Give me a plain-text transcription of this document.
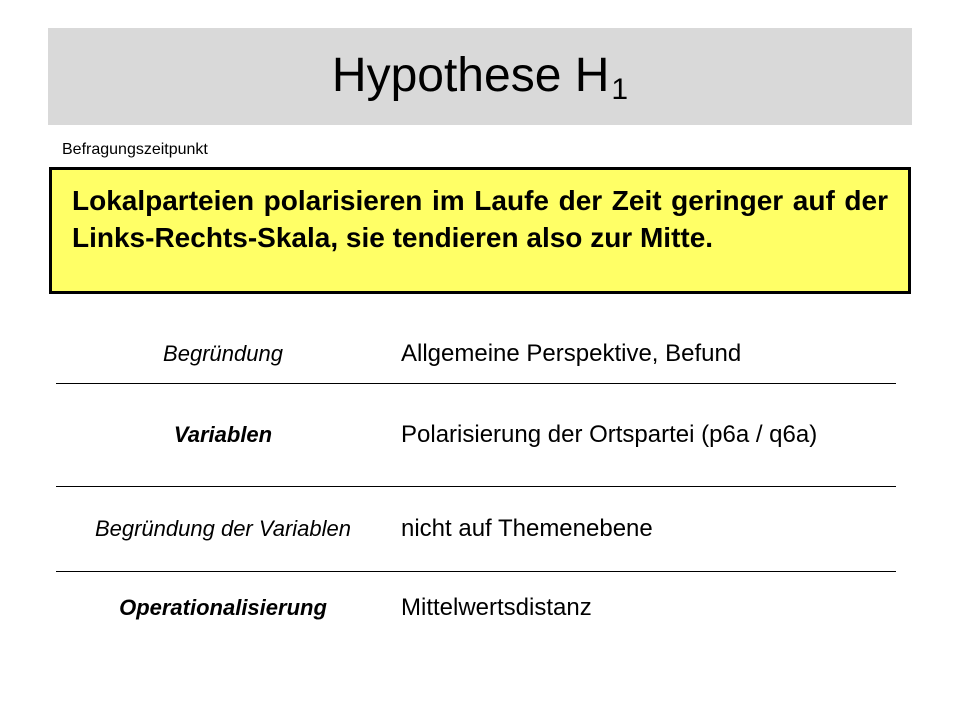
Hypothese $H_1$
Befragungszeitpunkt
Lokalparteien polarisieren im Laufe der Zeit geringer auf der Links-Rechts-Skala, sie tendieren also zur Mitte.
Begründung	Allgemeine Perspektive, Befund
Variablen	Polarisierung der Ortspartei (p6a / q6a)
Begründung der Variablen	nicht auf Themenebene
Operationalisierung	Mittelwertsdistanz
